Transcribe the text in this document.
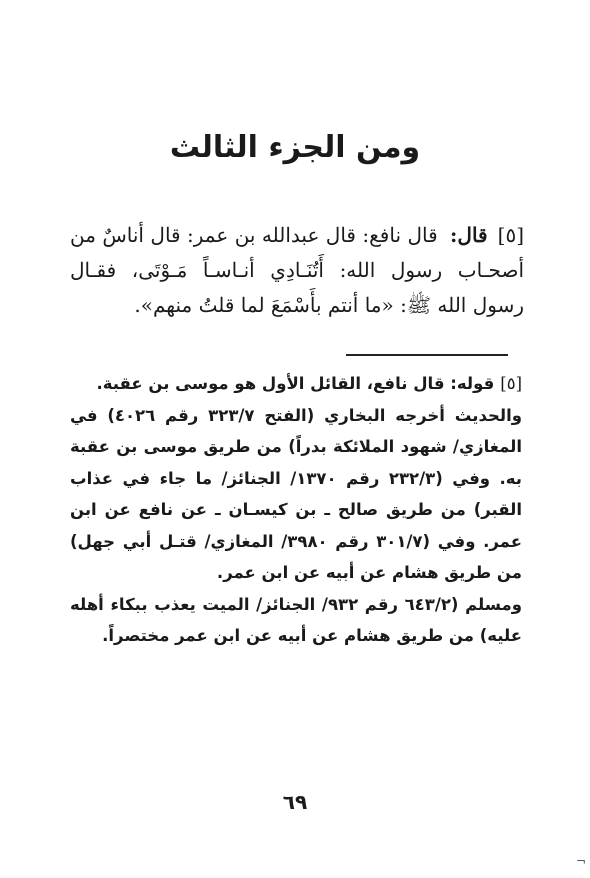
ومن الجزء الثالث
[٥]قال: قال نافع: قال عبدالله بن عمر: قال أناسٌ من أصحـاب رسول الله: أَتُنَـادِي أنـاسـاً مَـوْتَى، فقـال رسول الله ﷺ: «ما أنتم بأَسْمَعَ لما قلتُ منهم».
[٥]قوله: قال نافع، القائل الأول هو موسى بن عقبة.
والحديث أخرجه البخاري (الفتح ٣٢٣/٧ رقم ٤٠٢٦) في المغازي/ شهود الملائكة بدراً) من طريق موسى بن عقبة به. وفي (٢٣٢/٣ رقم ١٣٧٠/ الجنائز/ ما جاء في عذاب القبر) من طريق صالح ـ بن كيسـان ـ عن نافع عن ابن عمر. وفي (٣٠١/٧ رقم ٣٩٨٠/ المغازي/ قتـل أبي جهل) من طريق هشام عن أبيه عن ابن عمر.
ومسلم (٦٤٣/٢ رقم ٩٣٢/ الجنائز/ الميت يعذب ببكاء أهله عليه) من طريق هشام عن أبيه عن ابن عمر مختصراً.
٦٩
¬
